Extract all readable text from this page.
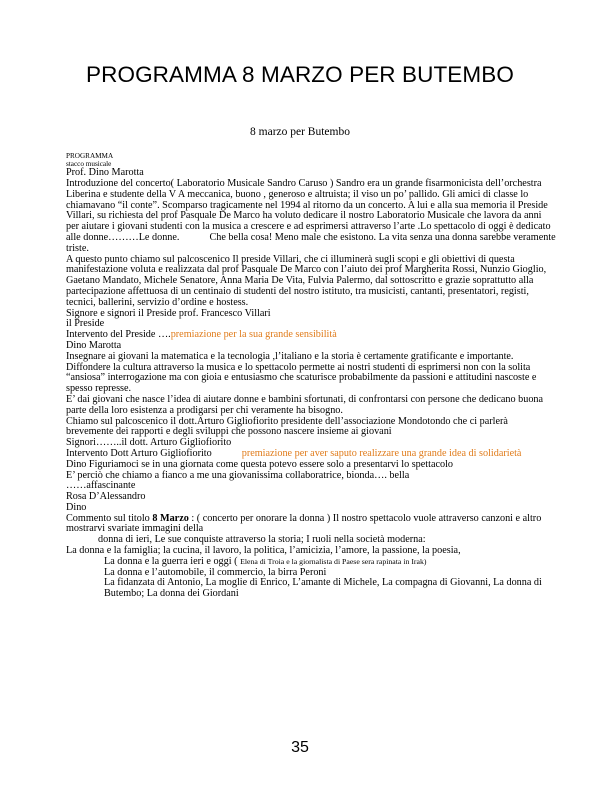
PROGRAMMA 8 MARZO PER BUTEMBO
8 marzo per Butembo

PROGRAMMA

stacco musicale

Prof. Dino Marotta

Introduzione del concerto( Laboratorio Musicale Sandro Caruso ) Sandro era un grande fisarmonicista dell’orchestra Liberina e studente della V A meccanica, buono , generoso e altruista; il viso un po’ pallido. Gli amici di classe lo chiamavano “il conte”. Scomparso tragicamente nel 1994 al ritorno da un concerto. A lui e alla sua memoria il Preside Villari, su richiesta del prof Pasquale De Marco ha voluto dedicare il nostro Laboratorio Musicale che lavora da anni per aiutare i giovani studenti con la musica a crescere e ad esprimersi attraverso l’arte .Lo spettacolo di oggi è dedicato alle donne………Le donne.	Che bella cosa! Meno male che esistono. La vita senza una donna sarebbe veramente triste.

A questo punto chiamo sul palcoscenico Il preside Villari, che ci illuminerà sugli scopi e gli obiettivi di questa manifestazione voluta e realizzata dal prof Pasquale De Marco con l’aiuto dei prof Margherita Rossi, Nunzio Gioglio, Gaetano Mandato, Michele Senatore, Anna Maria De Vita, Fulvia Palermo, dal sottoscritto e grazie soprattutto alla partecipazione affettuosa di un centinaio di studenti del nostro istituto, tra musicisti, cantanti, presentatori, registi, tecnici, ballerini, servizio d’ordine e hostess.

Signore e signori il Preside prof. Francesco Villari

il Preside

Intervento del Preside ….premiazione per la sua grande sensibilità

Dino Marotta

Insegnare ai giovani la matematica e la tecnologia ,l’italiano e la storia è certamente gratificante e importante. Diffondere la cultura attraverso la musica e lo spettacolo permette ai nostri studenti di esprimersi non con la solita “ansiosa” interrogazione ma con gioia e entusiasmo che scaturisce probabilmente da passioni e attitudini nascoste e spesso represse.

E’ dai giovani che nasce l’idea di aiutare donne e bambini sfortunati, di confrontarsi con persone che dedicano buona parte della loro esistenza a prodigarsi per chi veramente ha bisogno.

Chiamo sul palcoscenico il dott.Arturo Gigliofiorito presidente dell’associazione Mondotondo che ci parlerà brevemente dei rapporti e degli sviluppi che possono nascere insieme ai giovani

Signori……..il dott. Arturo Gigliofiorito

Intervento Dott Arturo Gigliofiorito	premiazione per aver saputo realizzare una grande idea di solidarietà

Dino Figuriamoci se in una giornata come questa potevo essere solo a presentarvi lo spettacolo

E’ perciò che chiamo a fianco a me una giovanissima collaboratrice, bionda…. bella

……affascinante

Rosa D’Alessandro

Dino

Commento sul titolo 8 Marzo : ( concerto per onorare la donna ) Il nostro spettacolo vuole attraverso canzoni e altro mostrarvi svariate immagini della

donna di ieri, Le sue conquiste attraverso la storia; I ruoli nella società moderna:

La donna e la famiglia; la cucina, il lavoro, la politica, l’amicizia, l’amore, la passione, la poesia,

La donna e la guerra ieri e oggi ( Elena di Troia e la giornalista di Paese sera rapinata in Irak)

La donna e l’automobile, il commercio, la birra Peroni

La fidanzata di Antonio, La moglie di Enrico, L’amante di Michele, La compagna di Giovanni, La donna di Butembo; La donna dei Giordani

35
